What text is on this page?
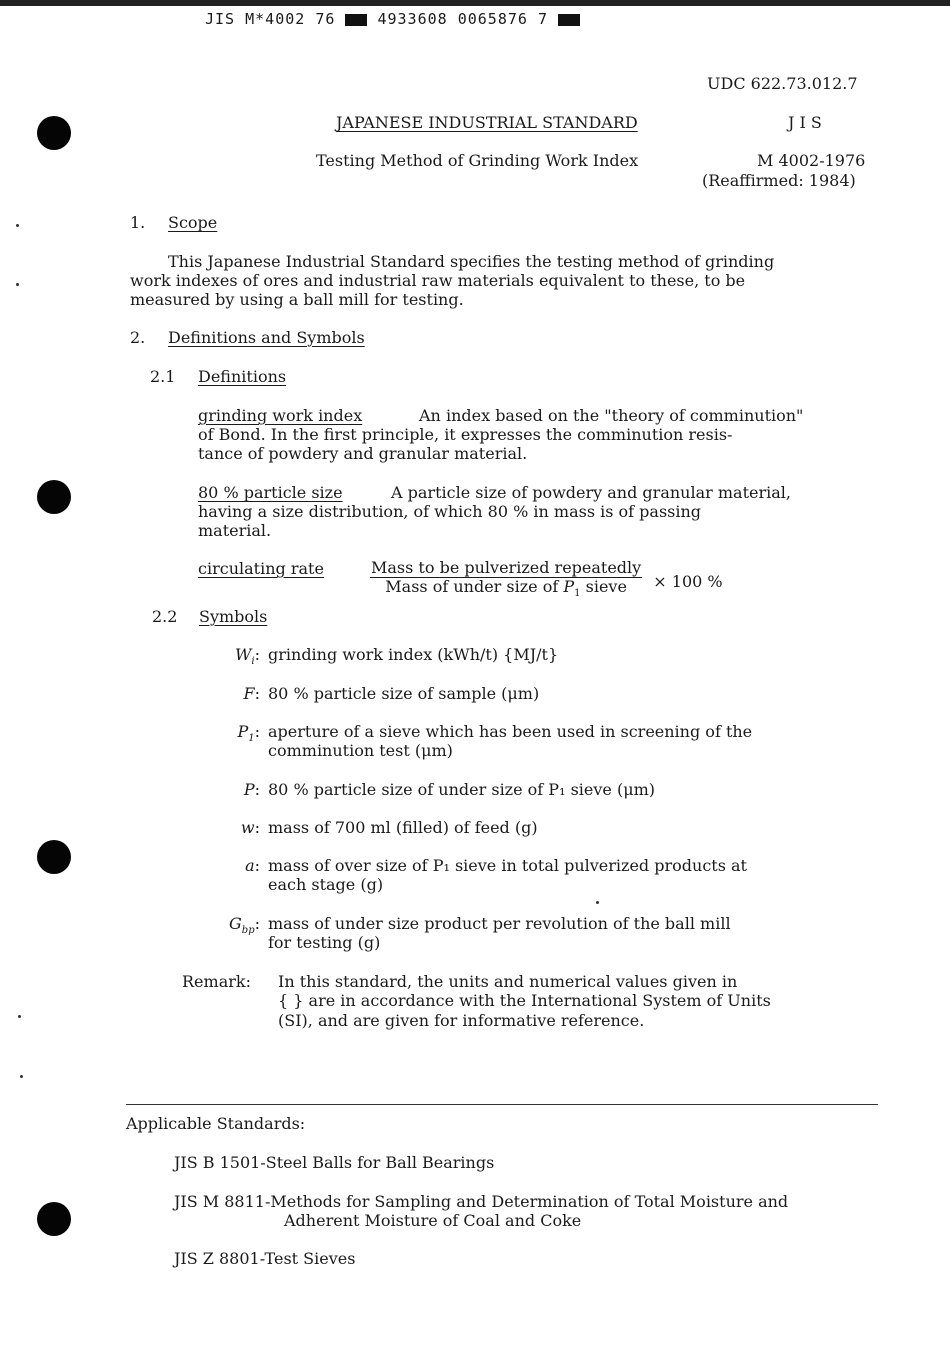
JIS M*4002 76	4933608 0065876 7
UDC 622.73.012.7
JAPANESE INDUSTRIAL STANDARD	J I S
Testing Method of Grinding Work Index	M 4002-1976
(Reaffirmed: 1984)
1. Scope
This Japanese Industrial Standard specifies the testing method of grinding
work indexes of ores and industrial raw materials equivalent to these, to be
measured by using a ball mill for testing.
2. Definitions and Symbols
2.1 Definitions
grinding work index	An index based on the "theory of comminution"
of Bond. In the first principle, it expresses the comminution resis-
tance of powdery and granular material.
80 % particle size	A particle size of powdery and granular material,
having a size distribution, of which 80 % in mass is of passing
material.
circulating rate	$\frac{\text{Mass to be pulverized repeatedly}}{Mass of under size of P_1 sieve} \times 100$ %
2.2 Symbols
$W_i$: grinding work index (kWh/t) {MJ/t}
F: 80 % particle size of sample (μm)
$P_1$: aperture of a sieve which has been used in screening of the
comminution test (μm)
P: 80 % particle size of under size of P₁ sieve (μm)
w: mass of 700 ml (filled) of feed (g)
a: mass of over size of P₁ sieve in total pulverized products at
each stage (g)
$G_{bp}$: mass of under size product per revolution of the ball mill
for testing (g)
Remark: In this standard, the units and numerical values given in
{ } are in accordance with the International System of Units
(SI), and are given for informative reference.
Applicable Standards:
JIS B 1501-Steel Balls for Ball Bearings
JIS M 8811-Methods for Sampling and Determination of Total Moisture and
Adherent Moisture of Coal and Coke
JIS Z 8801-Test Sieves
